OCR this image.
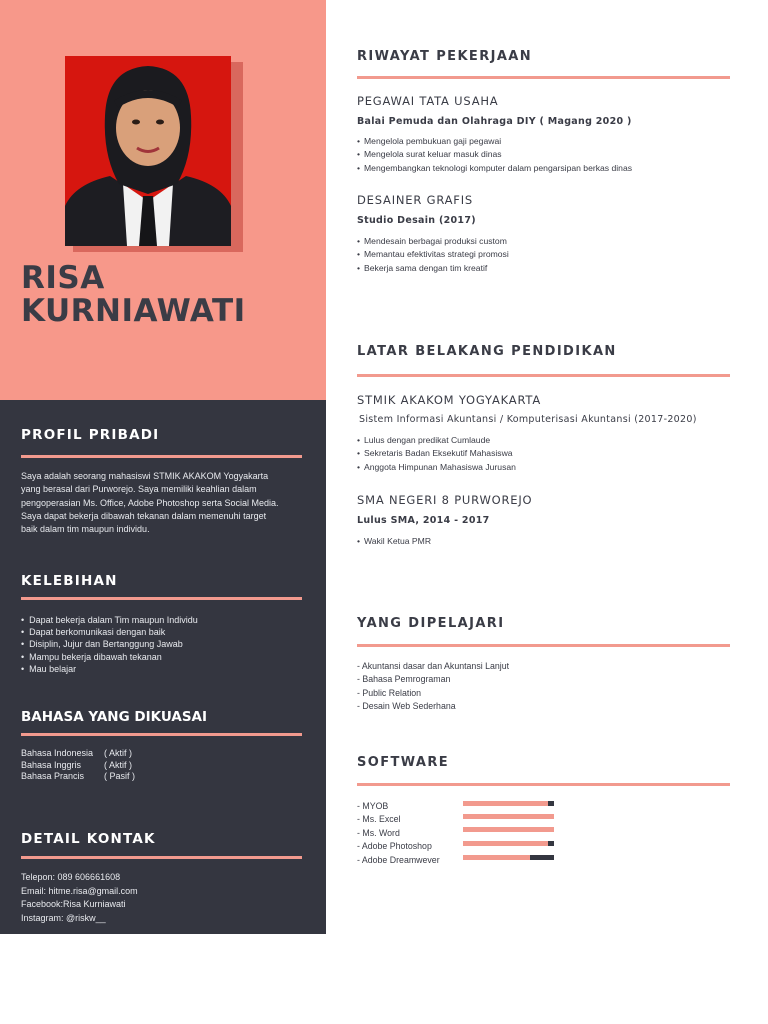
RISA
KURNIAWATI
PROFIL PRIBADI
Saya adalah seorang mahasiswi STMIK AKAKOM Yogyakarta
yang berasal dari Purworejo. Saya memiliki keahlian dalam
pengoperasian Ms. Office, Adobe Photoshop serta Social Media.
Saya dapat bekerja dibawah tekanan dalam memenuhi target
baik dalam tim maupun individu.
KELEBIHAN
• Dapat bekerja dalam Tim maupun Individu
• Dapat berkomunikasi dengan baik
• Disiplin, Jujur dan Bertanggung Jawab
• Mampu bekerja dibawah tekanan
• Mau belajar
BAHASA YANG DIKUASAI
Bahasa Indonesia	( Aktif )
Bahasa Inggris	( Aktif )
Bahasa Prancis	( Pasif )
DETAIL KONTAK
Telepon: 089 606661608
Email: hitme.risa@gmail.com
Facebook:Risa Kurniawati
Instagram: @riskw__
RIWAYAT PEKERJAAN
PEGAWAI TATA USAHA
Balai Pemuda dan Olahraga DIY ( Magang 2020 )
• Mengelola pembukuan gaji pegawai
• Mengelola surat keluar masuk dinas
• Mengembangkan teknologi komputer dalam pengarsipan berkas dinas
DESAINER GRAFIS
Studio Desain (2017)
• Mendesain berbagai produksi custom
• Memantau efektivitas strategi promosi
• Bekerja sama dengan tim kreatif
LATAR BELAKANG PENDIDIKAN
STMIK AKAKOM YOGYAKARTA
Sistem Informasi Akuntansi / Komputerisasi Akuntansi (2017-2020)
• Lulus dengan predikat Cumlaude
• Sekretaris Badan Eksekutif Mahasiswa
• Anggota Himpunan Mahasiswa Jurusan
SMA NEGERI 8 PURWOREJO
Lulus SMA, 2014 - 2017
• Wakil Ketua PMR
YANG DIPELAJARI
- Akuntansi dasar dan Akuntansi Lanjut
- Bahasa Pemrograman
- Public Relation
- Desain Web Sederhana
SOFTWARE
- MYOB
- Ms. Excel
- Ms. Word
- Adobe Photoshop
- Adobe Dreamwever
